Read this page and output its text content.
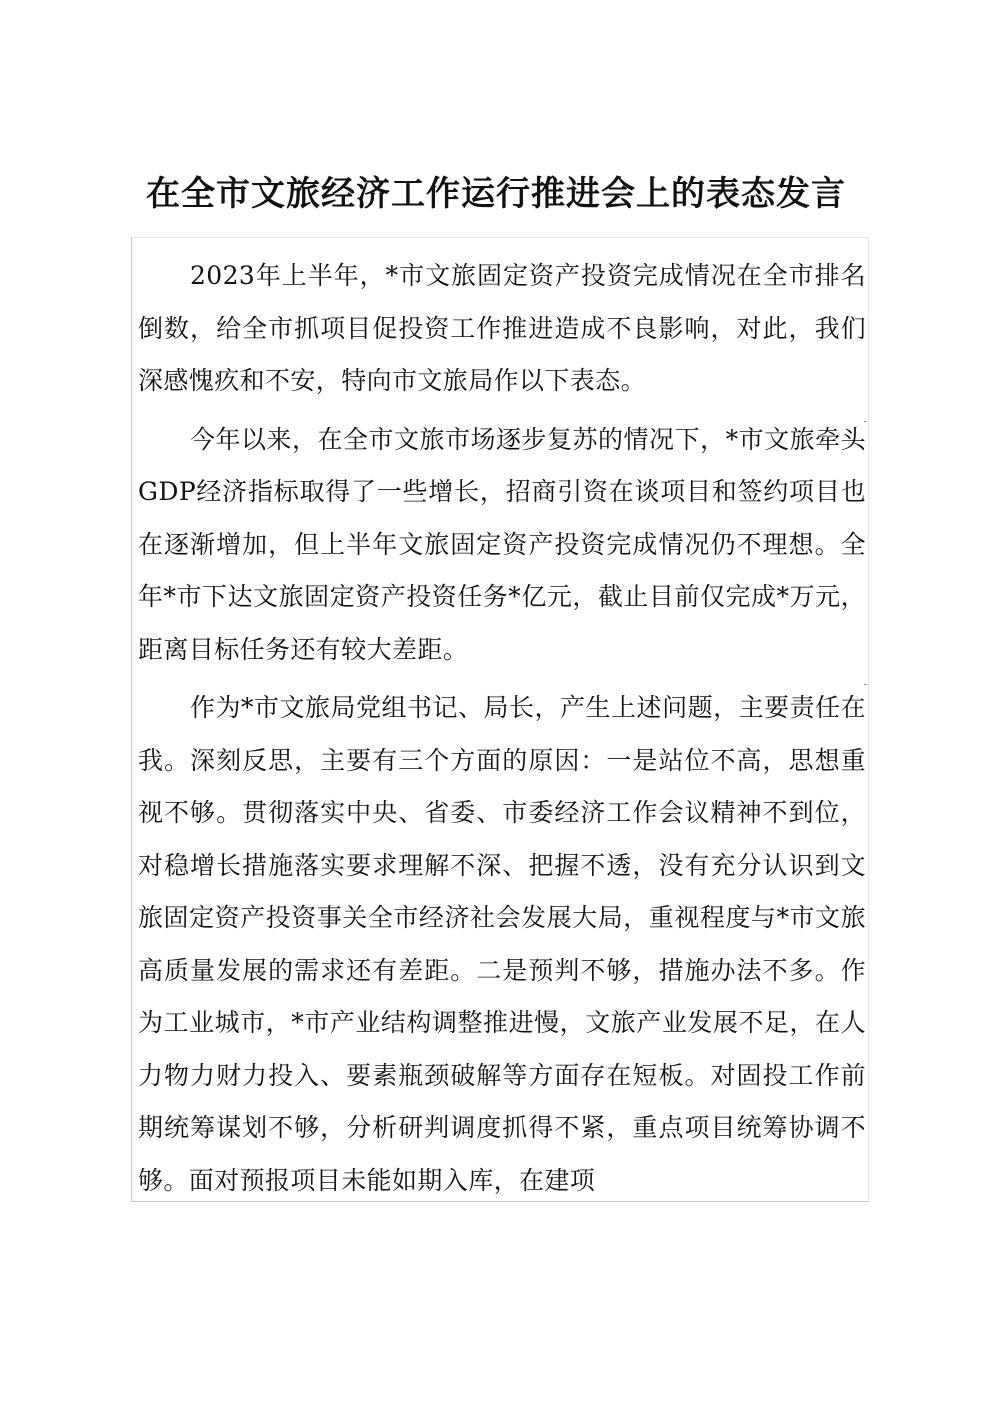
在全市文旅经济工作运行推进会上的表态发言

2023年上半年，*市文旅固定资产投资完成情况在全市排名倒数，给全市抓项目促投资工作推进造成不良影响，对此，我们深感愧疚和不安，特向市文旅局作以下表态。

今年以来，在全市文旅市场逐步复苏的情况下，*市文旅牵头GDP经济指标取得了一些增长，招商引资在谈项目和签约项目也在逐渐增加，但上半年文旅固定资产投资完成情况仍不理想。全年*市下达文旅固定资产投资任务*亿元，截止目前仅完成*万元，距离目标任务还有较大差距。

作为*市文旅局党组书记、局长，产生上述问题，主要责任在我。深刻反思，主要有三个方面的原因：一是站位不高，思想重视不够。贯彻落实中央、省委、市委经济工作会议精神不到位，对稳增长措施落实要求理解不深、把握不透，没有充分认识到文旅固定资产投资事关全市经济社会发展大局，重视程度与*市文旅高质量发展的需求还有差距。二是预判不够，措施办法不多。作为工业城市，*市产业结构调整推进慢，文旅产业发展不足，在人力物力财力投入、要素瓶颈破解等方面存在短板。对固投工作前期统筹谋划不够，分析研判调度抓得不紧，重点项目统筹协调不够。面对预报项目未能如期入库，在建项
